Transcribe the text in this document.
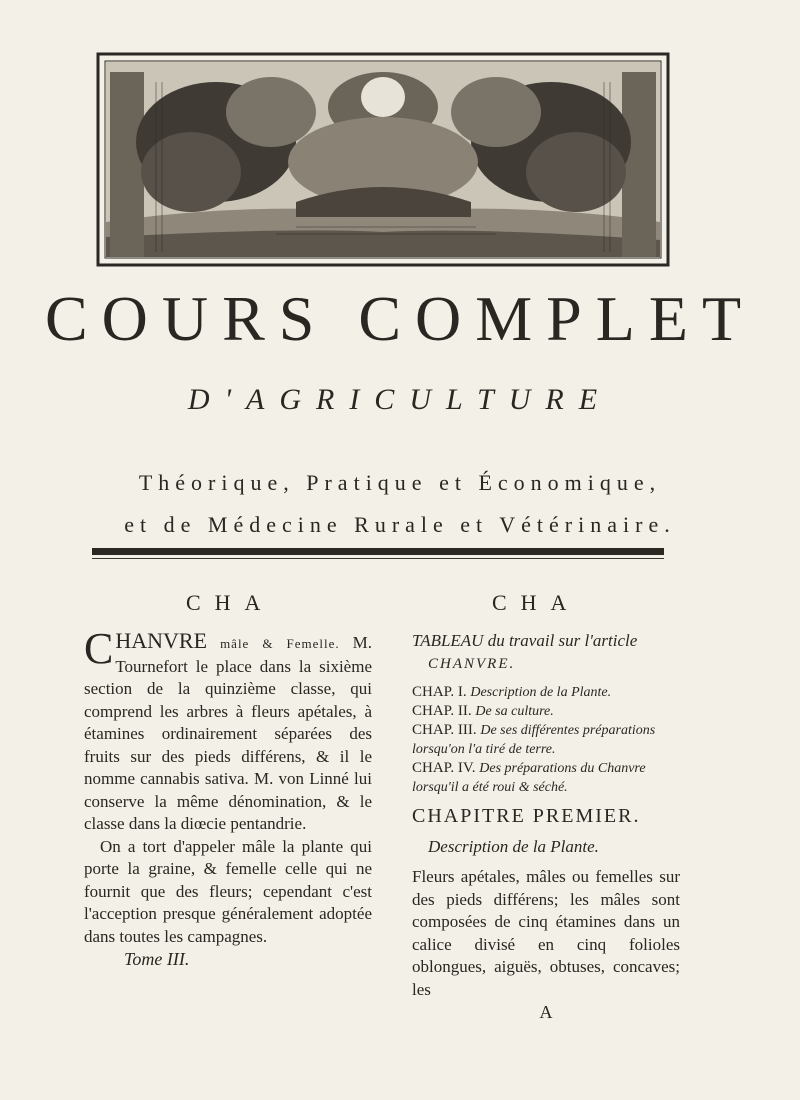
COURS COMPLET
D'AGRICULTURE
Théorique, Pratique et Économique,
et de Médecine Rurale et Vétérinaire.
CHA	CHA
CHANVRE mâle & Femelle. M. Tournefort le place dans la sixième section de la quinzième classe, qui comprend les arbres à fleurs apétales, à étamines ordinairement séparées des fruits sur des pieds différens, & il le nomme cannabis sativa. M. von Linné lui conserve la même dénomination, & le classe dans la diœcie pentandrie.
On a tort d'appeler mâle la plante qui porte la graine, & femelle celle qui ne fournit que des fleurs; cependant c'est l'acception presque généralement adoptée dans toutes les campagnes.
Tome III.
TABLEAU du travail sur l'article
CHANVRE.

CHAP. I. Description de la Plante.

CHAP. II. De sa culture.

CHAP. III. De ses différentes préparations lorsqu'on l'a tiré de terre.

CHAP. IV. Des préparations du Chanvre lorsqu'il a été roui & séché.

CHAPITRE PREMIER.
Description de la Plante.
Fleurs apétales, mâles ou femelles sur des pieds différens; les mâles sont composées de cinq étamines dans un calice divisé en cinq folioles oblongues, aiguës, obtuses, concaves; les
A
